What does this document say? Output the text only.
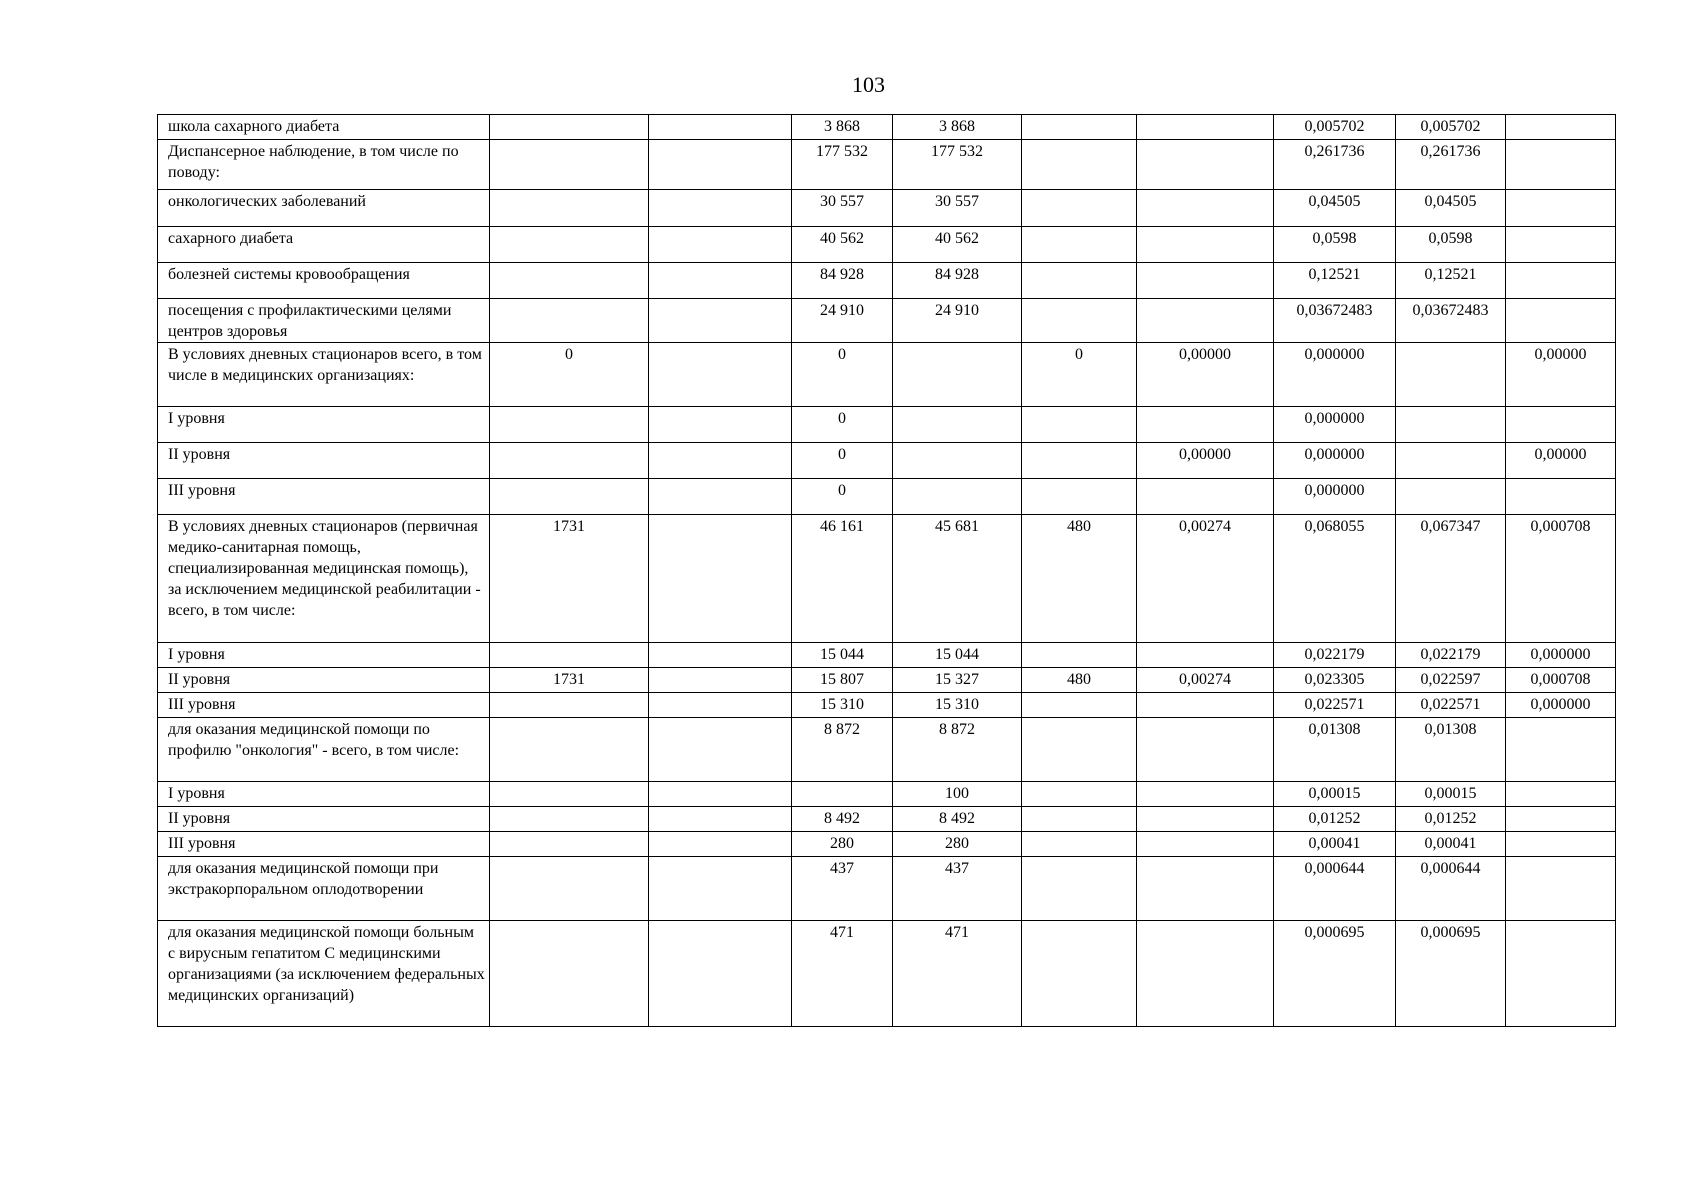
103
школа сахарного диабета			3 868	3 868			0,005702	0,005702	
Диспансерное наблюдение, в том числе по поводу:			177 532	177 532			0,261736	0,261736	
онкологических заболеваний			30 557	30 557			0,04505	0,04505	
сахарного диабета			40 562	40 562			0,0598	0,0598	
болезней системы кровообращения			84 928	84 928			0,12521	0,12521	
посещения с профилактическими целями центров здоровья			24 910	24 910			0,03672483	0,03672483	
В условиях дневных стационаров всего, в том числе в медицинских организациях:	0		0		0	0,00000	0,000000		0,00000
I уровня			0				0,000000		
II уровня			0			0,00000	0,000000		0,00000
III уровня			0				0,000000		
В условиях дневных стационаров (первичная медико-санитарная помощь, специализированная медицинская помощь), за исключением медицинской реабилитации - всего, в том числе:	1731		46 161	45 681	480	0,00274	0,068055	0,067347	0,000708
I уровня			15 044	15 044			0,022179	0,022179	0,000000
II уровня	1731		15 807	15 327	480	0,00274	0,023305	0,022597	0,000708
III уровня			15 310	15 310			0,022571	0,022571	0,000000
для оказания медицинской помощи по профилю "онкология" - всего, в том числе:			8 872	8 872			0,01308	0,01308	
I уровня				100			0,00015	0,00015	
II уровня			8 492	8 492			0,01252	0,01252	
III уровня			280	280			0,00041	0,00041	
для оказания медицинской помощи при экстракорпоральном оплодотворении			437	437			0,000644	0,000644	
для оказания медицинской помощи больным с вирусным гепатитом С медицинскими организациями (за исключением федеральных медицинских организаций)			471	471			0,000695	0,000695	
